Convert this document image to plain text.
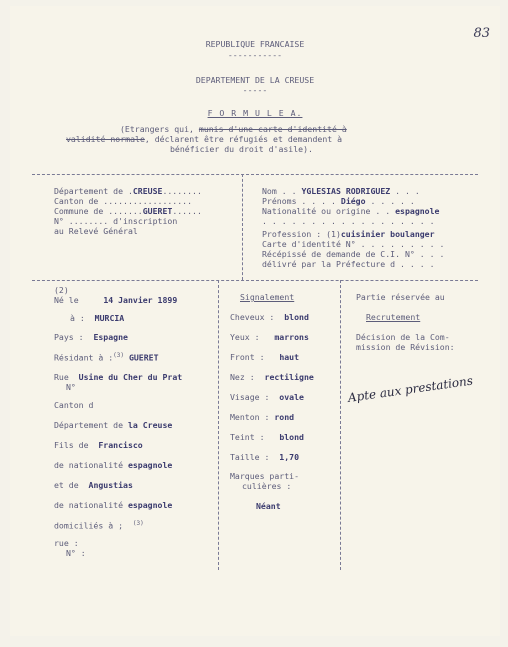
83
REPUBLIQUE FRANCAISE
-----------
DEPARTEMENT DE LA CREUSE
-----
F O R M U L E A.
(Etrangers qui, munis d'une carte d'identité à
validité normale, déclarent être réfugiés et demandent à
bénéficier du droit d'asile).
Département de .CREUSE........
Canton de ..................
Commune de .......GUERET......
N° ........ d'inscription
au Relevé Général
Nom . . YGLESIAS RODRIGUEZ . . .
Prénoms . . . . Diégo . . . . .
Nationalité ou origine . . espagnole
. . . . . . . . . . . . . . . . . .
Profession : (1)cuisinier boulanger
Carte d'identité N° . . . . . . . . .
Récépissé de demande de C.I. N° . . .
délivré par la Préfecture d . . . .
(2)
Né le	14 Janvier 1899
à : MURCIA
Pays : Espagne
Résidant à :$^{(3)}$ GUERET
Rue Usine du Cher du Prat
N°
Canton d
Département de la Creuse
Fils de Francisco
de nationalité espagnole
et de Angustias
de nationalité espagnole
domiciliés à ; $^{(3)}$
rue :
N° :
Signalement
Cheveux : blond
Yeux : marrons
Front : haut
Nez : rectiligne
Visage : ovale
Menton : rond
Teint : blond
Taille : 1,70
Marques parti-
culières :
Néant
Partie réservée au
Recrutement
Décision de la Com-
mission de Révision:
Apte aux prestations
